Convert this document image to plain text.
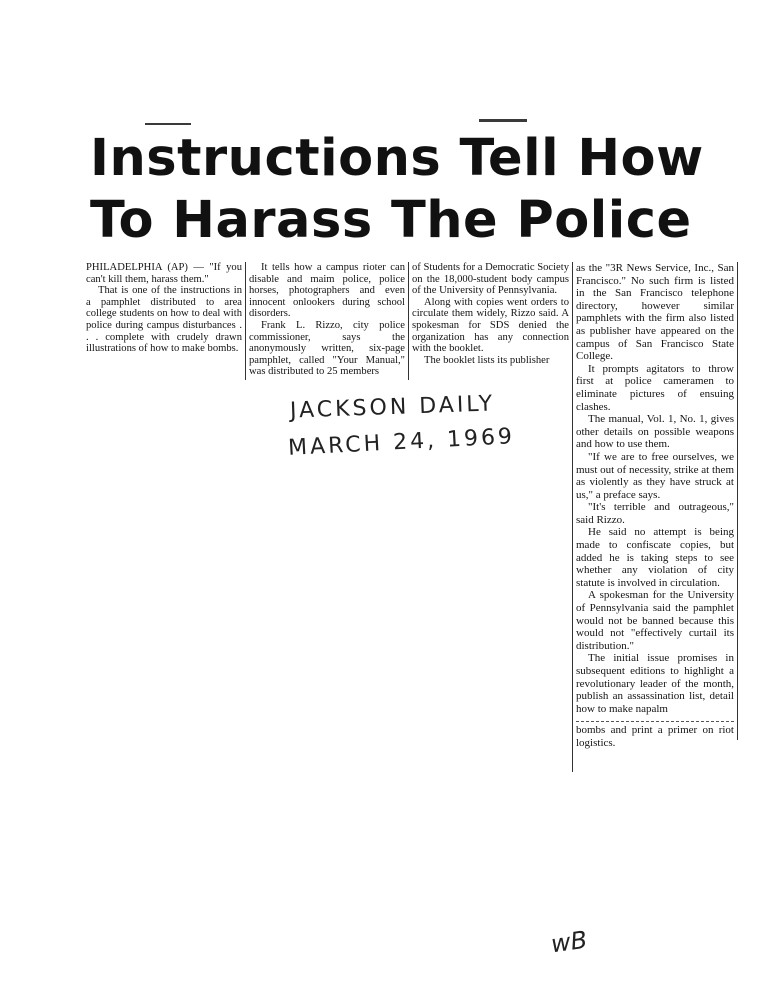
Instructions Tell How
To Harass The Police

PHILADELPHIA (AP) — "If you can't kill them, harass them."

That is one of the instructions in a pamphlet distributed to area college students on how to deal with police during campus disturbances . . . complete with crudely drawn illustrations of how to make bombs.

It tells how a campus rioter can disable and maim police, police horses, photographers and even innocent onlookers during school disorders.

Frank L. Rizzo, city police commissioner, says the anonymously written, six-page pamphlet, called "Your Manual," was distributed to 25 members

of Students for a Democratic Society on the 18,000-student body campus of the University of Pennsylvania.

Along with copies went orders to circulate them widely, Rizzo said. A spokesman for SDS denied the organization has any connection with the booklet.

The booklet lists its publisher

as the "3R News Service, Inc., San Francisco." No such firm is listed in the San Francisco telephone directory, however similar pamphlets with the firm also listed as publisher have appeared on the campus of San Francisco State College.

It prompts agitators to throw first at police cameramen to eliminate pictures of ensuing clashes.

The manual, Vol. 1, No. 1, gives other details on possible weapons and how to use them.

"If we are to free ourselves, we must out of necessity, strike at them as violently as they have struck at us," a preface says.

"It's terrible and outrageous," said Rizzo.

He said no attempt is being made to confiscate copies, but added he is taking steps to see whether any violation of city statute is involved in circulation.

A spokesman for the University of Pennsylvania said the pamphlet would not be banned because this would not "effectively curtail its distribution."

The initial issue promises in subsequent editions to highlight a revolutionary leader of the month, publish an assassination list, detail how to make napalm

bombs and print a primer on riot logistics.

JACKSON DAILY
MARCH 24, 1969
wB
